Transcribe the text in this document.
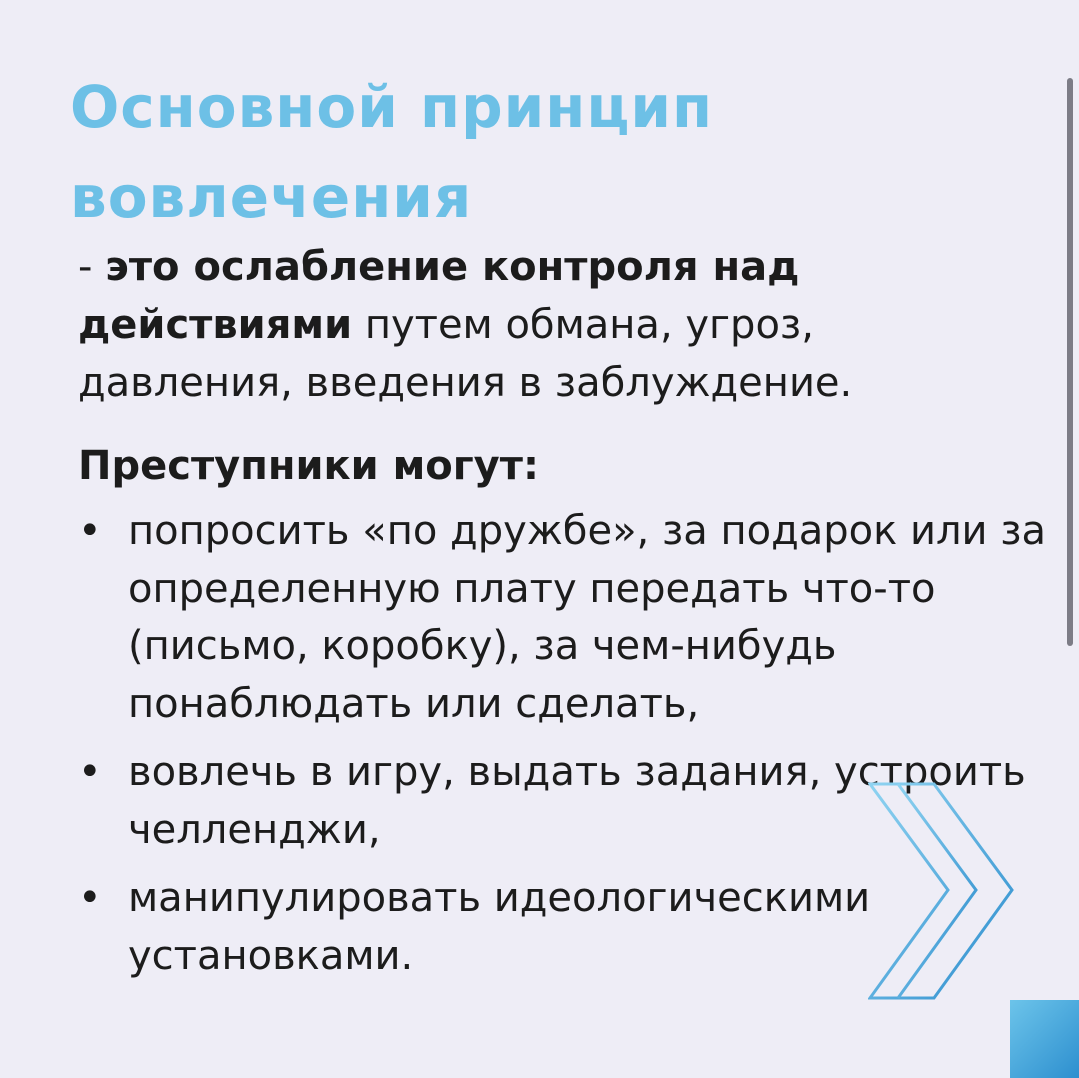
Основной принцип
вовлечения

- это ослабление контроля над действиями путем обмана, угроз, давления, введения в заблуждение.

Преступники могут:

• попросить «по дружбе», за подарок или за определенную плату передать что-то (письмо, коробку), за чем-нибудь понаблюдать или сделать,
• вовлечь в игру, выдать задания, устроить челленджи,
• манипулировать идеологическими установками.
